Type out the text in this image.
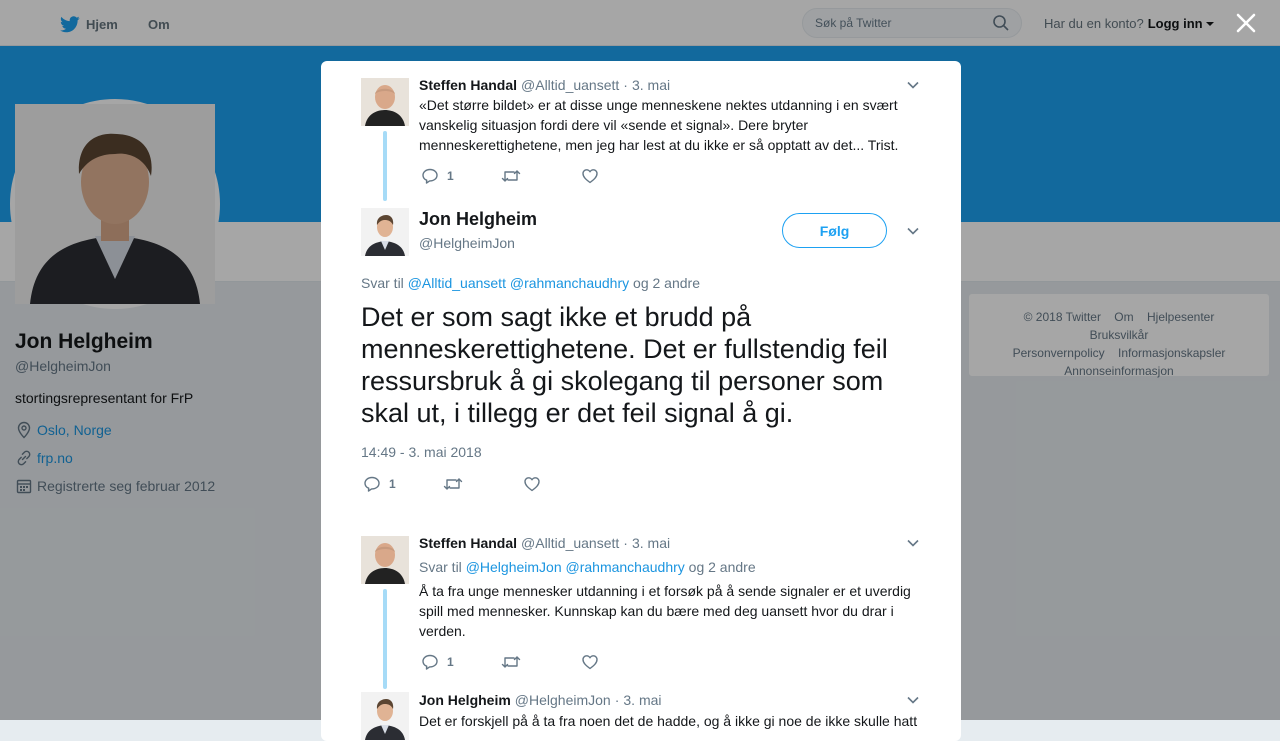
Hjem Om	Søk på Twitter	Har du en konto? Logg inn
Jon Helgheim
@HelgheimJon
stortingsrepresentant for FrP
Oslo, Norge
frp.no
Registrerte seg februar 2012
© 2018 Twitter Om Hjelpesenter Bruksvilkår
Personvernpolicy Informasjonskapsler
Annonseinformasjon
Steffen Handal @Alltid_uansett · 3. mai
«Det større bildet» er at disse unge menneskene nektes utdanning i en svært vanskelig situasjon fordi dere vil «sende et signal». Dere bryter menneskerettighetene, men jeg har lest at du ikke er så opptatt av det... Trist.
1
Jon Helgheim
@HelgheimJon
Følg
Svar til @Alltid_uansett @rahmanchaudhry og 2 andre
Det er som sagt ikke et brudd på menneskerettighetene. Det er fullstendig feil ressursbruk å gi skolegang til personer som skal ut, i tillegg er det feil signal å gi.
14:49 - 3. mai 2018
1
Steffen Handal @Alltid_uansett · 3. mai
Svar til @HelgheimJon @rahmanchaudhry og 2 andre
Å ta fra unge mennesker utdanning i et forsøk på å sende signaler er et uverdig spill med mennesker. Kunnskap kan du bære med deg uansett hvor du drar i verden.
1
Jon Helgheim @HelgheimJon · 3. mai
Det er forskjell på å ta fra noen det de hadde, og å ikke gi noe de ikke skulle hatt
